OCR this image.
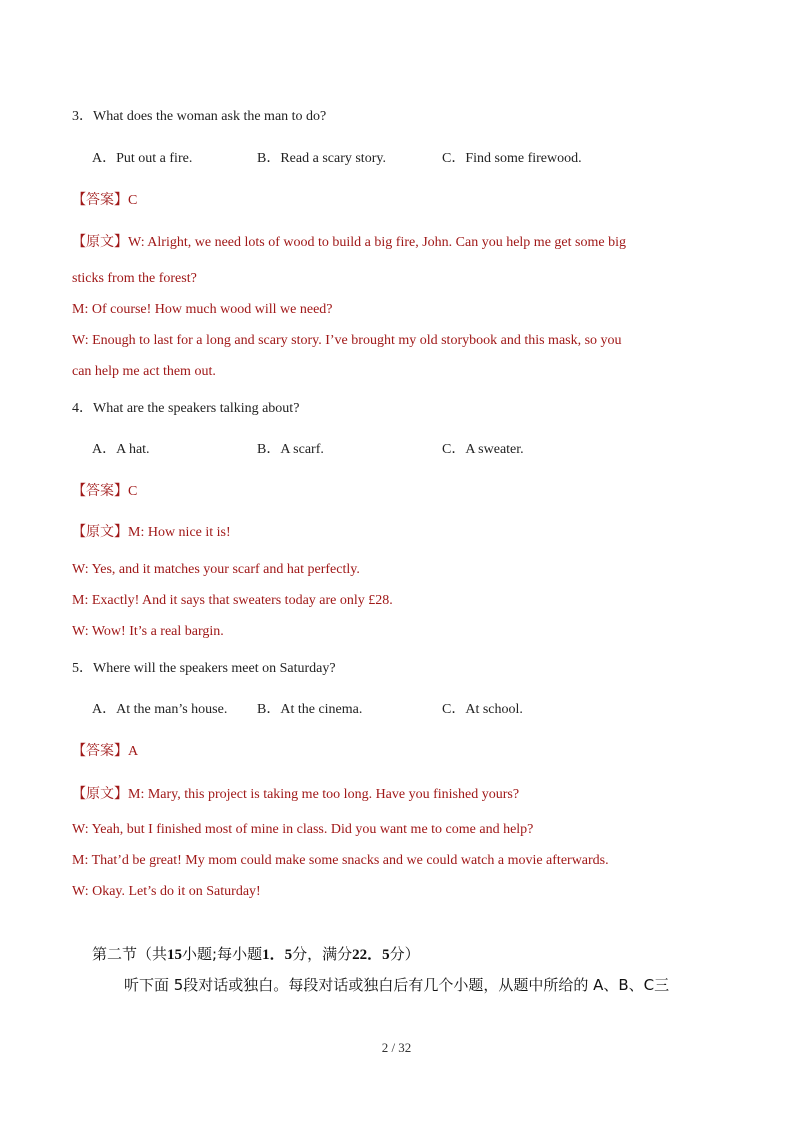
3．What does the woman ask the man to do?
A．Put out a fire.	B．Read a scary story.	C．Find some firewood.
【答案】C
【原文】W: Alright, we need lots of wood to build a big fire, John. Can you help me get some big
sticks from the forest?
M: Of course! How much wood will we need?
W: Enough to last for a long and scary story. I’ve brought my old storybook and this mask, so you
can help me act them out.
4．What are the speakers talking about?
A．A hat.	B．A scarf.	C．A sweater.
【答案】C
【原文】M: How nice it is!
W: Yes, and it matches your scarf and hat perfectly.
M: Exactly! And it says that sweaters today are only £28.
W: Wow! It’s a real bargin.
5．Where will the speakers meet on Saturday?
A．At the man’s house. B．At the cinema.	C．At school.
【答案】A
【原文】M: Mary, this project is taking me too long. Have you finished yours?
W: Yeah, but I finished most of mine in class. Did you want me to come and help?
M: That’d be great! My mom could make some snacks and we could watch a movie afterwards.
W: Okay. Let’s do it on Saturday!
第二节（共15小题;每小题1．5分，满分22．5分）
听下面 5段对话或独白。每段对话或独白后有几个小题，从题中所给的 A、B、C三
2 / 32
